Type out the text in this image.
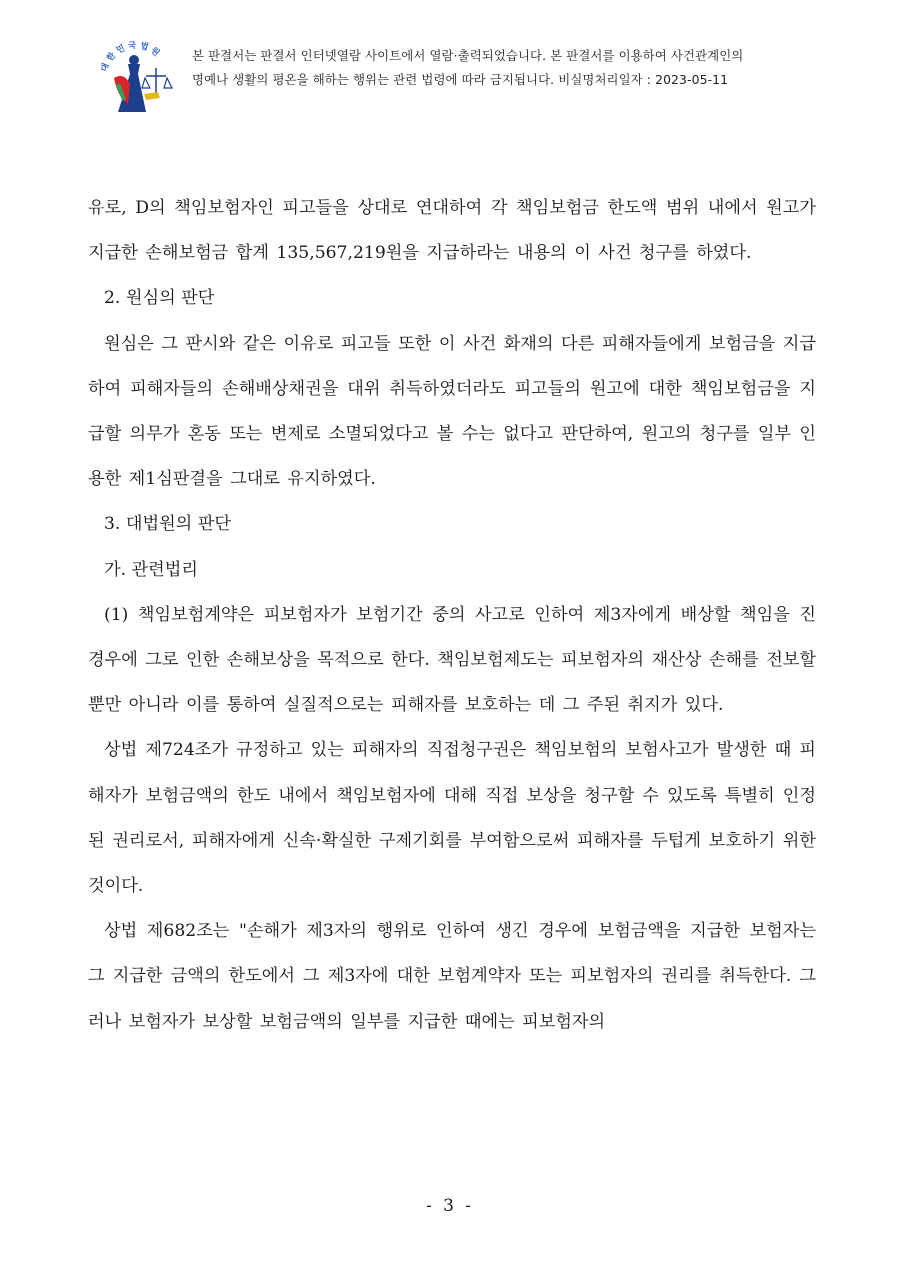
대한민국법원 본 판결서는 판결서 인터넷열람 사이트에서 열람·출력되었습니다. 본 판결서를 이용하여 사건관계인의
명예나 생활의 평온을 해하는 행위는 관련 법령에 따라 금지됩니다. 비실명처리일자 : 2023-05-11

유로, D의 책임보험자인 피고들을 상대로 연대하여 각 책임보험금 한도액 범위 내에서 원고가 지급한 손해보험금 합계 135,567,219원을 지급하라는 내용의 이 사건 청구를 하였다.

2. 원심의 판단

원심은 그 판시와 같은 이유로 피고들 또한 이 사건 화재의 다른 피해자들에게 보험금을 지급하여 피해자들의 손해배상채권을 대위 취득하였더라도 피고들의 원고에 대한 책임보험금을 지급할 의무가 혼동 또는 변제로 소멸되었다고 볼 수는 없다고 판단하여, 원고의 청구를 일부 인용한 제1심판결을 그대로 유지하였다.

3. 대법원의 판단

가. 관련법리

(1) 책임보험계약은 피보험자가 보험기간 중의 사고로 인하여 제3자에게 배상할 책임을 진 경우에 그로 인한 손해보상을 목적으로 한다. 책임보험제도는 피보험자의 재산상 손해를 전보할 뿐만 아니라 이를 통하여 실질적으로는 피해자를 보호하는 데 그 주된 취지가 있다.

상법 제724조가 규정하고 있는 피해자의 직접청구권은 책임보험의 보험사고가 발생한 때 피해자가 보험금액의 한도 내에서 책임보험자에 대해 직접 보상을 청구할 수 있도록 특별히 인정된 권리로서, 피해자에게 신속·확실한 구제기회를 부여함으로써 피해자를 두텁게 보호하기 위한 것이다.

상법 제682조는 "손해가 제3자의 행위로 인하여 생긴 경우에 보험금액을 지급한 보험자는 그 지급한 금액의 한도에서 그 제3자에 대한 보험계약자 또는 피보험자의 권리를 취득한다. 그러나 보험자가 보상할 보험금액의 일부를 지급한 때에는 피보험자의

- 3 -
